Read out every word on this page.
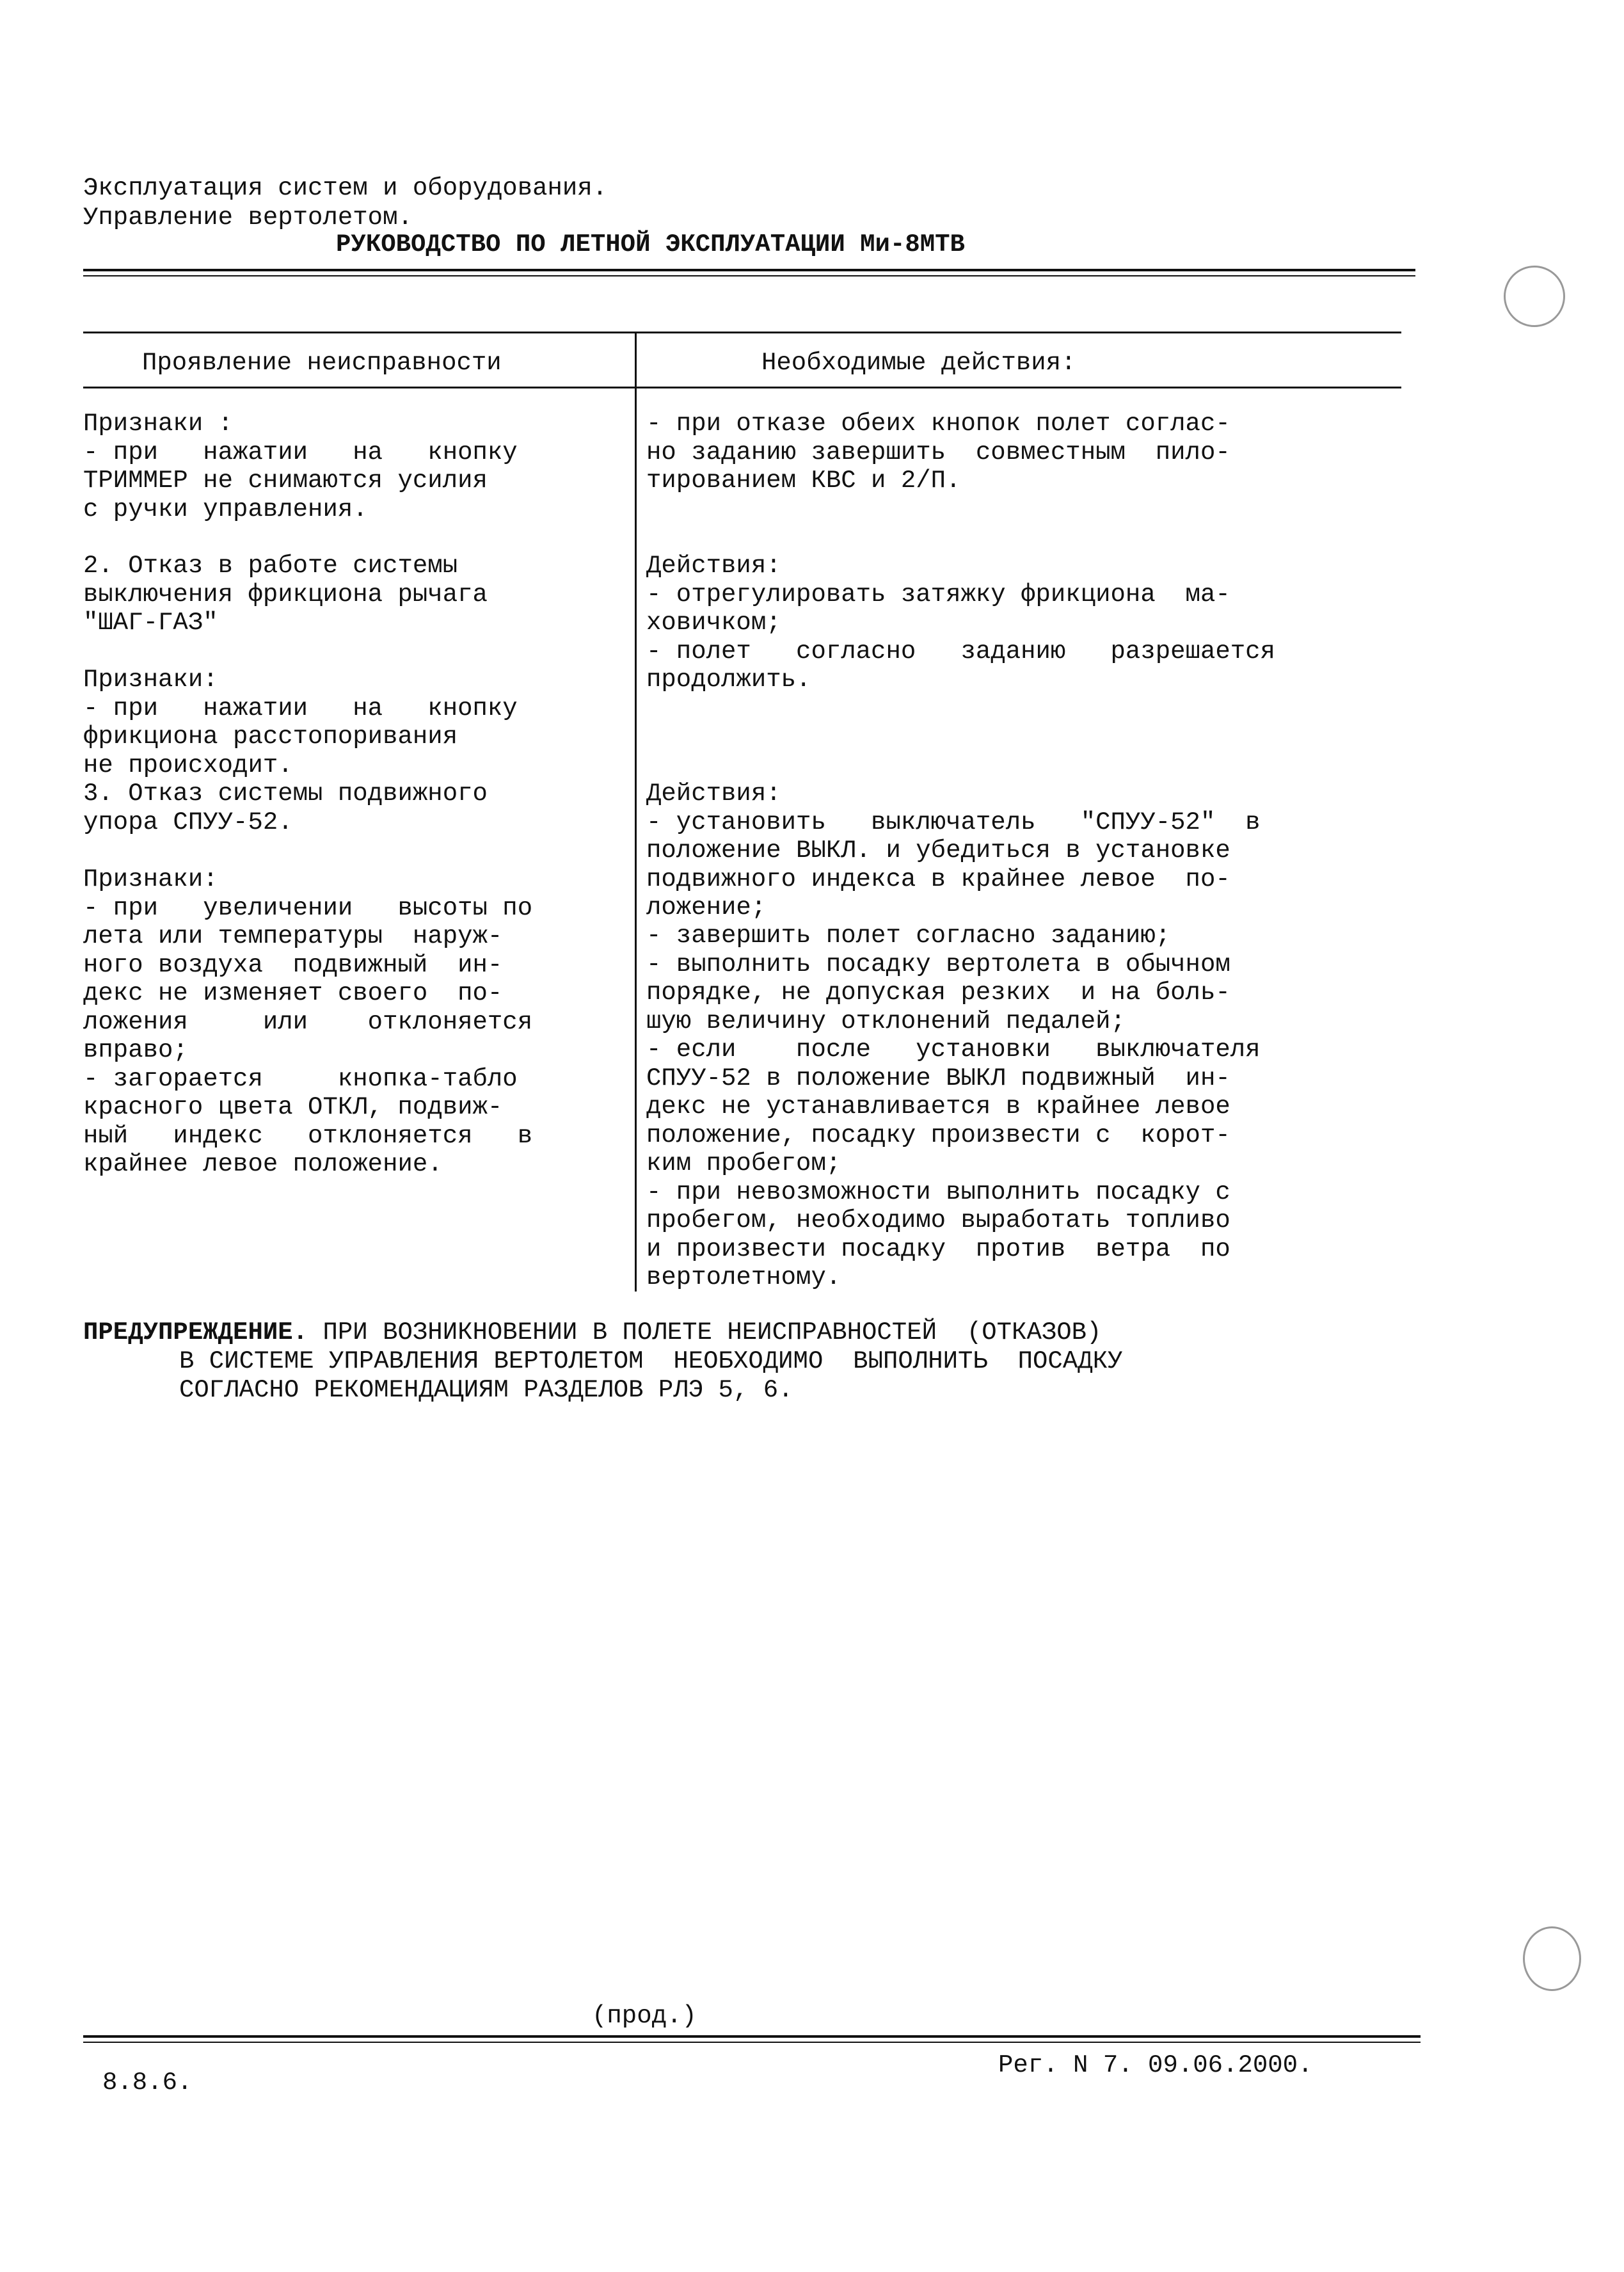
Эксплуатация систем и оборудования.
Управление вертолетом.
РУКОВОДСТВО ПО ЛЕТНОЙ ЭКСПЛУАТАЦИИ Ми-8МТВ
Проявление неисправности	Необходимые действия:
Признаки :
- при   нажатии   на   кнопку
ТРИММЕР не снимаются усилия
с ручки управления.
- при отказе обеих кнопок полет соглас-
но заданию завершить  совместным  пило-
тированием КВС и 2/П.
2. Отказ в работе системы
выключения фрикциона рычага
"ШАГ-ГАЗ"
Действия:
- отрегулировать затяжку фрикциона  ма-
ховичком;
- полет   согласно   заданию   разрешается
продолжить.
Признаки:
- при   нажатии   на   кнопку
фрикциона расстопоривания
не происходит.
3. Отказ системы подвижного
упора СПУУ-52.
Действия:
- установить   выключатель   "СПУУ-52"  в
положение ВЫКЛ. и убедиться в установке
подвижного индекса в крайнее левое  по-
ложение;
Признаки:
- при   увеличении   высоты по
лета или температуры  наруж-
ного воздуха  подвижный  ин-
декс не изменяет своего  по-
ложения     или    отклоняется
вправо;
- загорается     кнопка-табло
красного цвета ОТКЛ, подвиж-
ный   индекс   отклоняется   в
крайнее левое положение.
- завершить полет согласно заданию;
- выполнить посадку вертолета в обычном
порядке, не допуская резких  и на боль-
шую величину отклонений педалей;
- если    после   установки   выключателя
СПУУ-52 в положение ВЫКЛ подвижный  ин-
декс не устанавливается в крайнее левое
положение, посадку произвести с  корот-
ким пробегом;
- при невозможности выполнить посадку с
пробегом, необходимо выработать топливо
и произвести посадку  против  ветра  по
вертолетному.
ПРЕДУПРЕЖДЕНИЕ. ПРИ ВОЗНИКНОВЕНИИ В ПОЛЕТЕ НЕИСПРАВНОСТЕЙ  (ОТКАЗОВ)
В СИСТЕМЕ УПРАВЛЕНИЯ ВЕРТОЛЕТОМ  НЕОБХОДИМО  ВЫПОЛНИТЬ  ПОСАДКУ
СОГЛАСНО РЕКОМЕНДАЦИЯМ РАЗДЕЛОВ РЛЭ 5, 6.
(прод.)
8.8.6.
Рег. N 7. 09.06.2000.
